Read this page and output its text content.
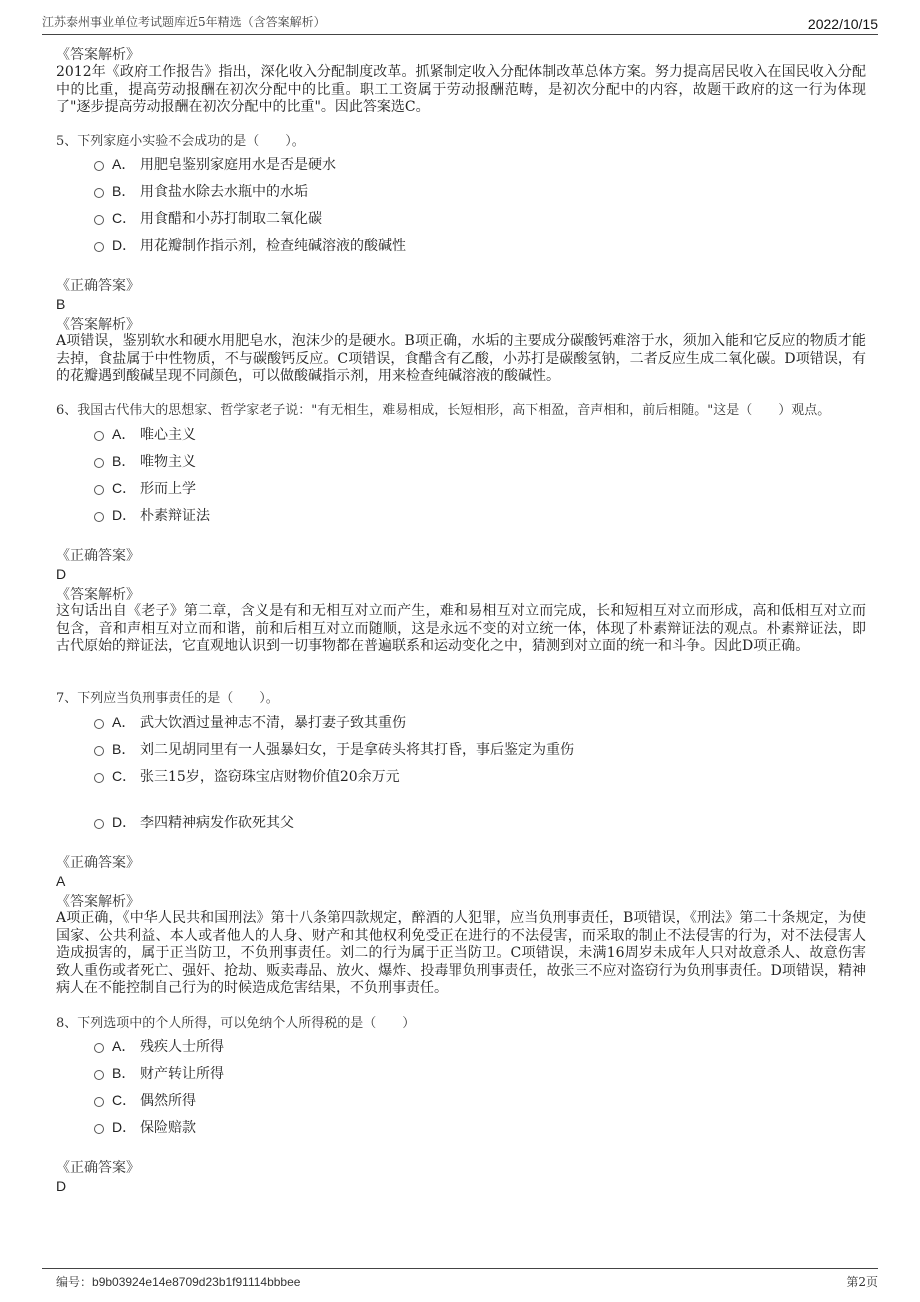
江苏泰州事业单位考试题库近5年精选（含答案解析）	2022/10/15
《答案解析》
2012年《政府工作报告》指出，深化收入分配制度改革。抓紧制定收入分配体制改革总体方案。努力提高居民收入在国民收入分配中的比重，提高劳动报酬在初次分配中的比重。职工工资属于劳动报酬范畴，是初次分配中的内容，故题干政府的这一行为体现了"逐步提高劳动报酬在初次分配中的比重"。因此答案选C。
5、下列家庭小实验不会成功的是（　　）。
A． 用肥皂鉴别家庭用水是否是硬水
B． 用食盐水除去水瓶中的水垢
C． 用食醋和小苏打制取二氧化碳
D． 用花瓣制作指示剂，检查纯碱溶液的酸碱性
《正确答案》
B
《答案解析》
A项错误，鉴别软水和硬水用肥皂水，泡沫少的是硬水。B项正确，水垢的主要成分碳酸钙难溶于水，须加入能和它反应的物质才能去掉，食盐属于中性物质，不与碳酸钙反应。C项错误，食醋含有乙酸，小苏打是碳酸氢钠，二者反应生成二氧化碳。D项错误，有的花瓣遇到酸碱呈现不同颜色，可以做酸碱指示剂，用来检查纯碱溶液的酸碱性。
6、我国古代伟大的思想家、哲学家老子说："有无相生，难易相成，长短相形，高下相盈，音声相和，前后相随。"这是（　　）观点。
A． 唯心主义
B． 唯物主义
C． 形而上学
D． 朴素辩证法
《正确答案》
D
《答案解析》
这句话出自《老子》第二章，含义是有和无相互对立而产生，难和易相互对立而完成，长和短相互对立而形成，高和低相互对立而包含，音和声相互对立而和谐，前和后相互对立而随顺，这是永远不变的对立统一体，体现了朴素辩证法的观点。朴素辩证法，即古代原始的辩证法，它直观地认识到一切事物都在普遍联系和运动变化之中，猜测到对立面的统一和斗争。因此D项正确。
7、下列应当负刑事责任的是（　　）。
A． 武大饮酒过量神志不清，暴打妻子致其重伤
B． 刘二见胡同里有一人强暴妇女，于是拿砖头将其打昏，事后鉴定为重伤
C． 张三15岁，盗窃珠宝店财物价值20余万元
D． 李四精神病发作砍死其父
《正确答案》
A
《答案解析》
A项正确，《中华人民共和国刑法》第十八条第四款规定，醉酒的人犯罪，应当负刑事责任，B项错误，《刑法》第二十条规定，为使国家、公共利益、本人或者他人的人身、财产和其他权利免受正在进行的不法侵害，而采取的制止不法侵害的行为，对不法侵害人造成损害的，属于正当防卫，不负刑事责任。刘二的行为属于正当防卫。C项错误，未满16周岁未成年人只对故意杀人、故意伤害致人重伤或者死亡、强奸、抢劫、贩卖毒品、放火、爆炸、投毒罪负刑事责任，故张三不应对盗窃行为负刑事责任。D项错误，精神病人在不能控制自己行为的时候造成危害结果，不负刑事责任。
8、下列选项中的个人所得，可以免纳个人所得税的是（　　）
A． 残疾人士所得
B． 财产转让所得
C． 偶然所得
D． 保险赔款
《正确答案》
D
编号：b9b03924e14e8709d23b1f91114bbbee	第2页
